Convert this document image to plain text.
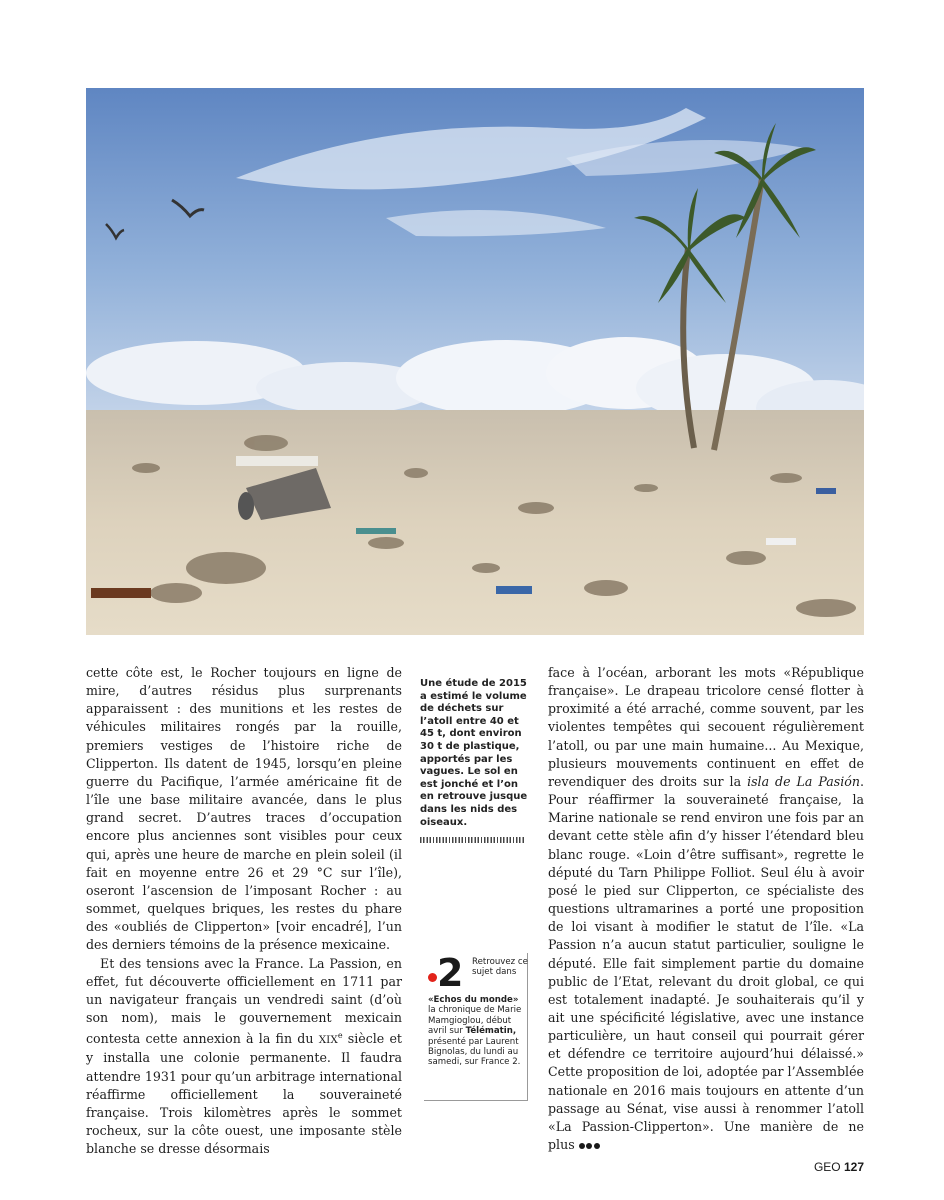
cette côte est, le Rocher toujours en ligne de mire, d’autres résidus plus surprenants apparaissent : des munitions et les restes de véhicules militaires rongés par la rouille, premiers vestiges de l’histoire riche de Clipperton. Ils datent de 1945, lorsqu’en pleine guerre du Pacifique, l’armée américaine fit de l’île une base militaire avancée, dans le plus grand secret. D’autres traces d’occupation encore plus anciennes sont visibles pour ceux qui, après une heure de marche en plein soleil (il fait en moyenne entre 26 et 29 °C sur l’île), oseront l’ascension de l’imposant Rocher : au sommet, quelques briques, les restes du phare des «oubliés de Clipperton» [voir encadré], l’un des derniers témoins de la présence mexicaine.

Et des tensions avec la France. La Passion, en effet, fut découverte officiellement en 1711 par un navigateur français un vendredi saint (d’où son nom), mais le gouvernement mexicain contesta cette annexion à la fin du XIXe siècle et y installa une colonie permanente. Il faudra attendre 1931 pour qu’un arbitrage international réaffirme officiellement la souveraineté française. Trois kilomètres après le sommet rocheux, sur la côte ouest, une imposante stèle blanche se dresse désormais

Une étude de 2015 a estimé le volume de déchets sur l’atoll entre 40 et 45 t, dont environ 30 t de plastique, apportés par les vagues. Le sol en est jonché et l’on en retrouve jusque dans les nids des oiseaux.
2 Retrouvez ce sujet dans
«Echos du monde» la chronique de Marie Mamgioglou, début avril sur Télématin, présenté par Laurent Bignolas, du lundi au samedi, sur France 2.

face à l’océan, arborant les mots «République française». Le drapeau tricolore censé flotter à proximité a été arraché, comme souvent, par les violentes tempêtes qui secouent régulièrement l’atoll, ou par une main humaine... Au Mexique, plusieurs mouvements continuent en effet de revendiquer des droits sur la isla de La Pasión. Pour réaffirmer la souveraineté française, la Marine nationale se rend environ une fois par an devant cette stèle afin d’y hisser l’étendard bleu blanc rouge. «Loin d’être suffisant», regrette le député du Tarn Philippe Folliot. Seul élu à avoir posé le pied sur Clipperton, ce spécialiste des questions ultramarines a porté une proposition de loi visant à modifier le statut de l’île. «La Passion n’a aucun statut particulier, souligne le député. Elle fait simplement partie du domaine public de l’Etat, relevant du droit global, ce qui est totalement inadapté. Je souhaiterais qu’il y ait une spécificité législative, avec une instance particulière, un haut conseil qui pourrait gérer et défendre ce territoire aujourd’hui délaissé.» Cette proposition de loi, adoptée par l’Assemblée nationale en 2016 mais toujours en attente d’un passage au Sénat, vise aussi à renommer l’atoll «La Passion-Clipperton». Une manière de ne plus

GEO 127
